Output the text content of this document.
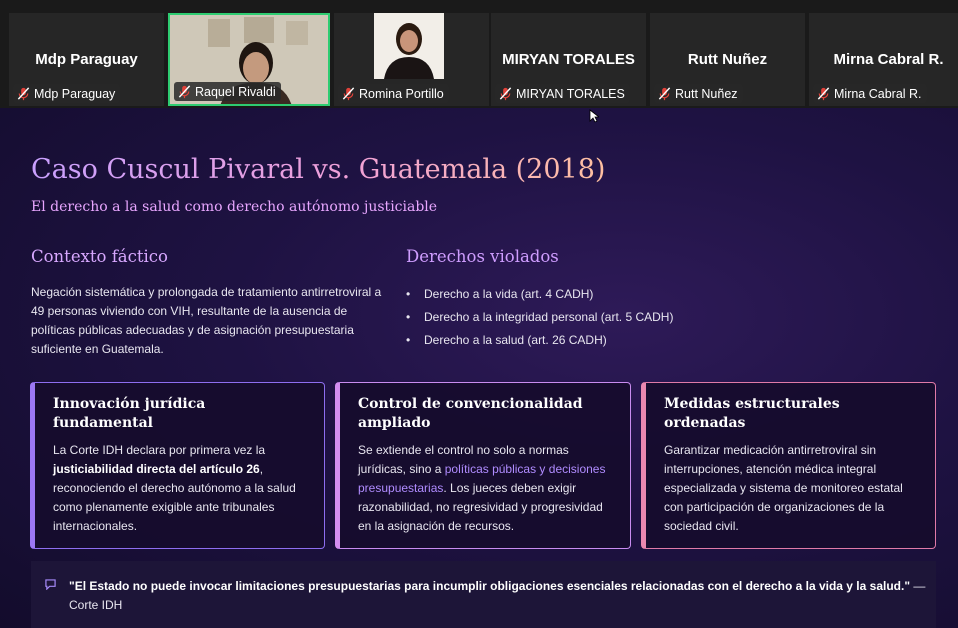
Mdp Paraguay
Mdp Paraguay	Raquel Rivaldi	Romina Portillo
MIRYAN TORALES
MIRYAN TORALES
Rutt Nuñez
Rutt Nuñez
Mirna Cabral R.
Mirna Cabral R.
Caso Cuscul Pivaral vs. Guatemala (2018)
El derecho a la salud como derecho autónomo justiciable
Contexto fáctico
Negación sistemática y prolongada de tratamiento antirretroviral a 49 personas viviendo con VIH, resultante de la ausencia de políticas públicas adecuadas y de asignación presupuestaria suficiente en Guatemala.
Derechos violados
• Derecho a la vida (art. 4 CADH)
• Derecho a la integridad personal (art. 5 CADH)
• Derecho a la salud (art. 26 CADH)
Innovación jurídica fundamental

La Corte IDH declara por primera vez la justiciabilidad directa del artículo 26, reconociendo el derecho autónomo a la salud como plenamente exigible ante tribunales internacionales.

Control de convencionalidad ampliado

Se extiende el control no solo a normas jurídicas, sino a políticas públicas y decisiones presupuestarias. Los jueces deben exigir razonabilidad, no regresividad y progresividad en la asignación de recursos.

Medidas estructurales ordenadas

Garantizar medicación antirretroviral sin interrupciones, atención médica integral especializada y sistema de monitoreo estatal con participación de organizaciones de la sociedad civil.

"El Estado no puede invocar limitaciones presupuestarias para incumplir obligaciones esenciales relacionadas con el derecho a la vida y la salud." — Corte IDH
